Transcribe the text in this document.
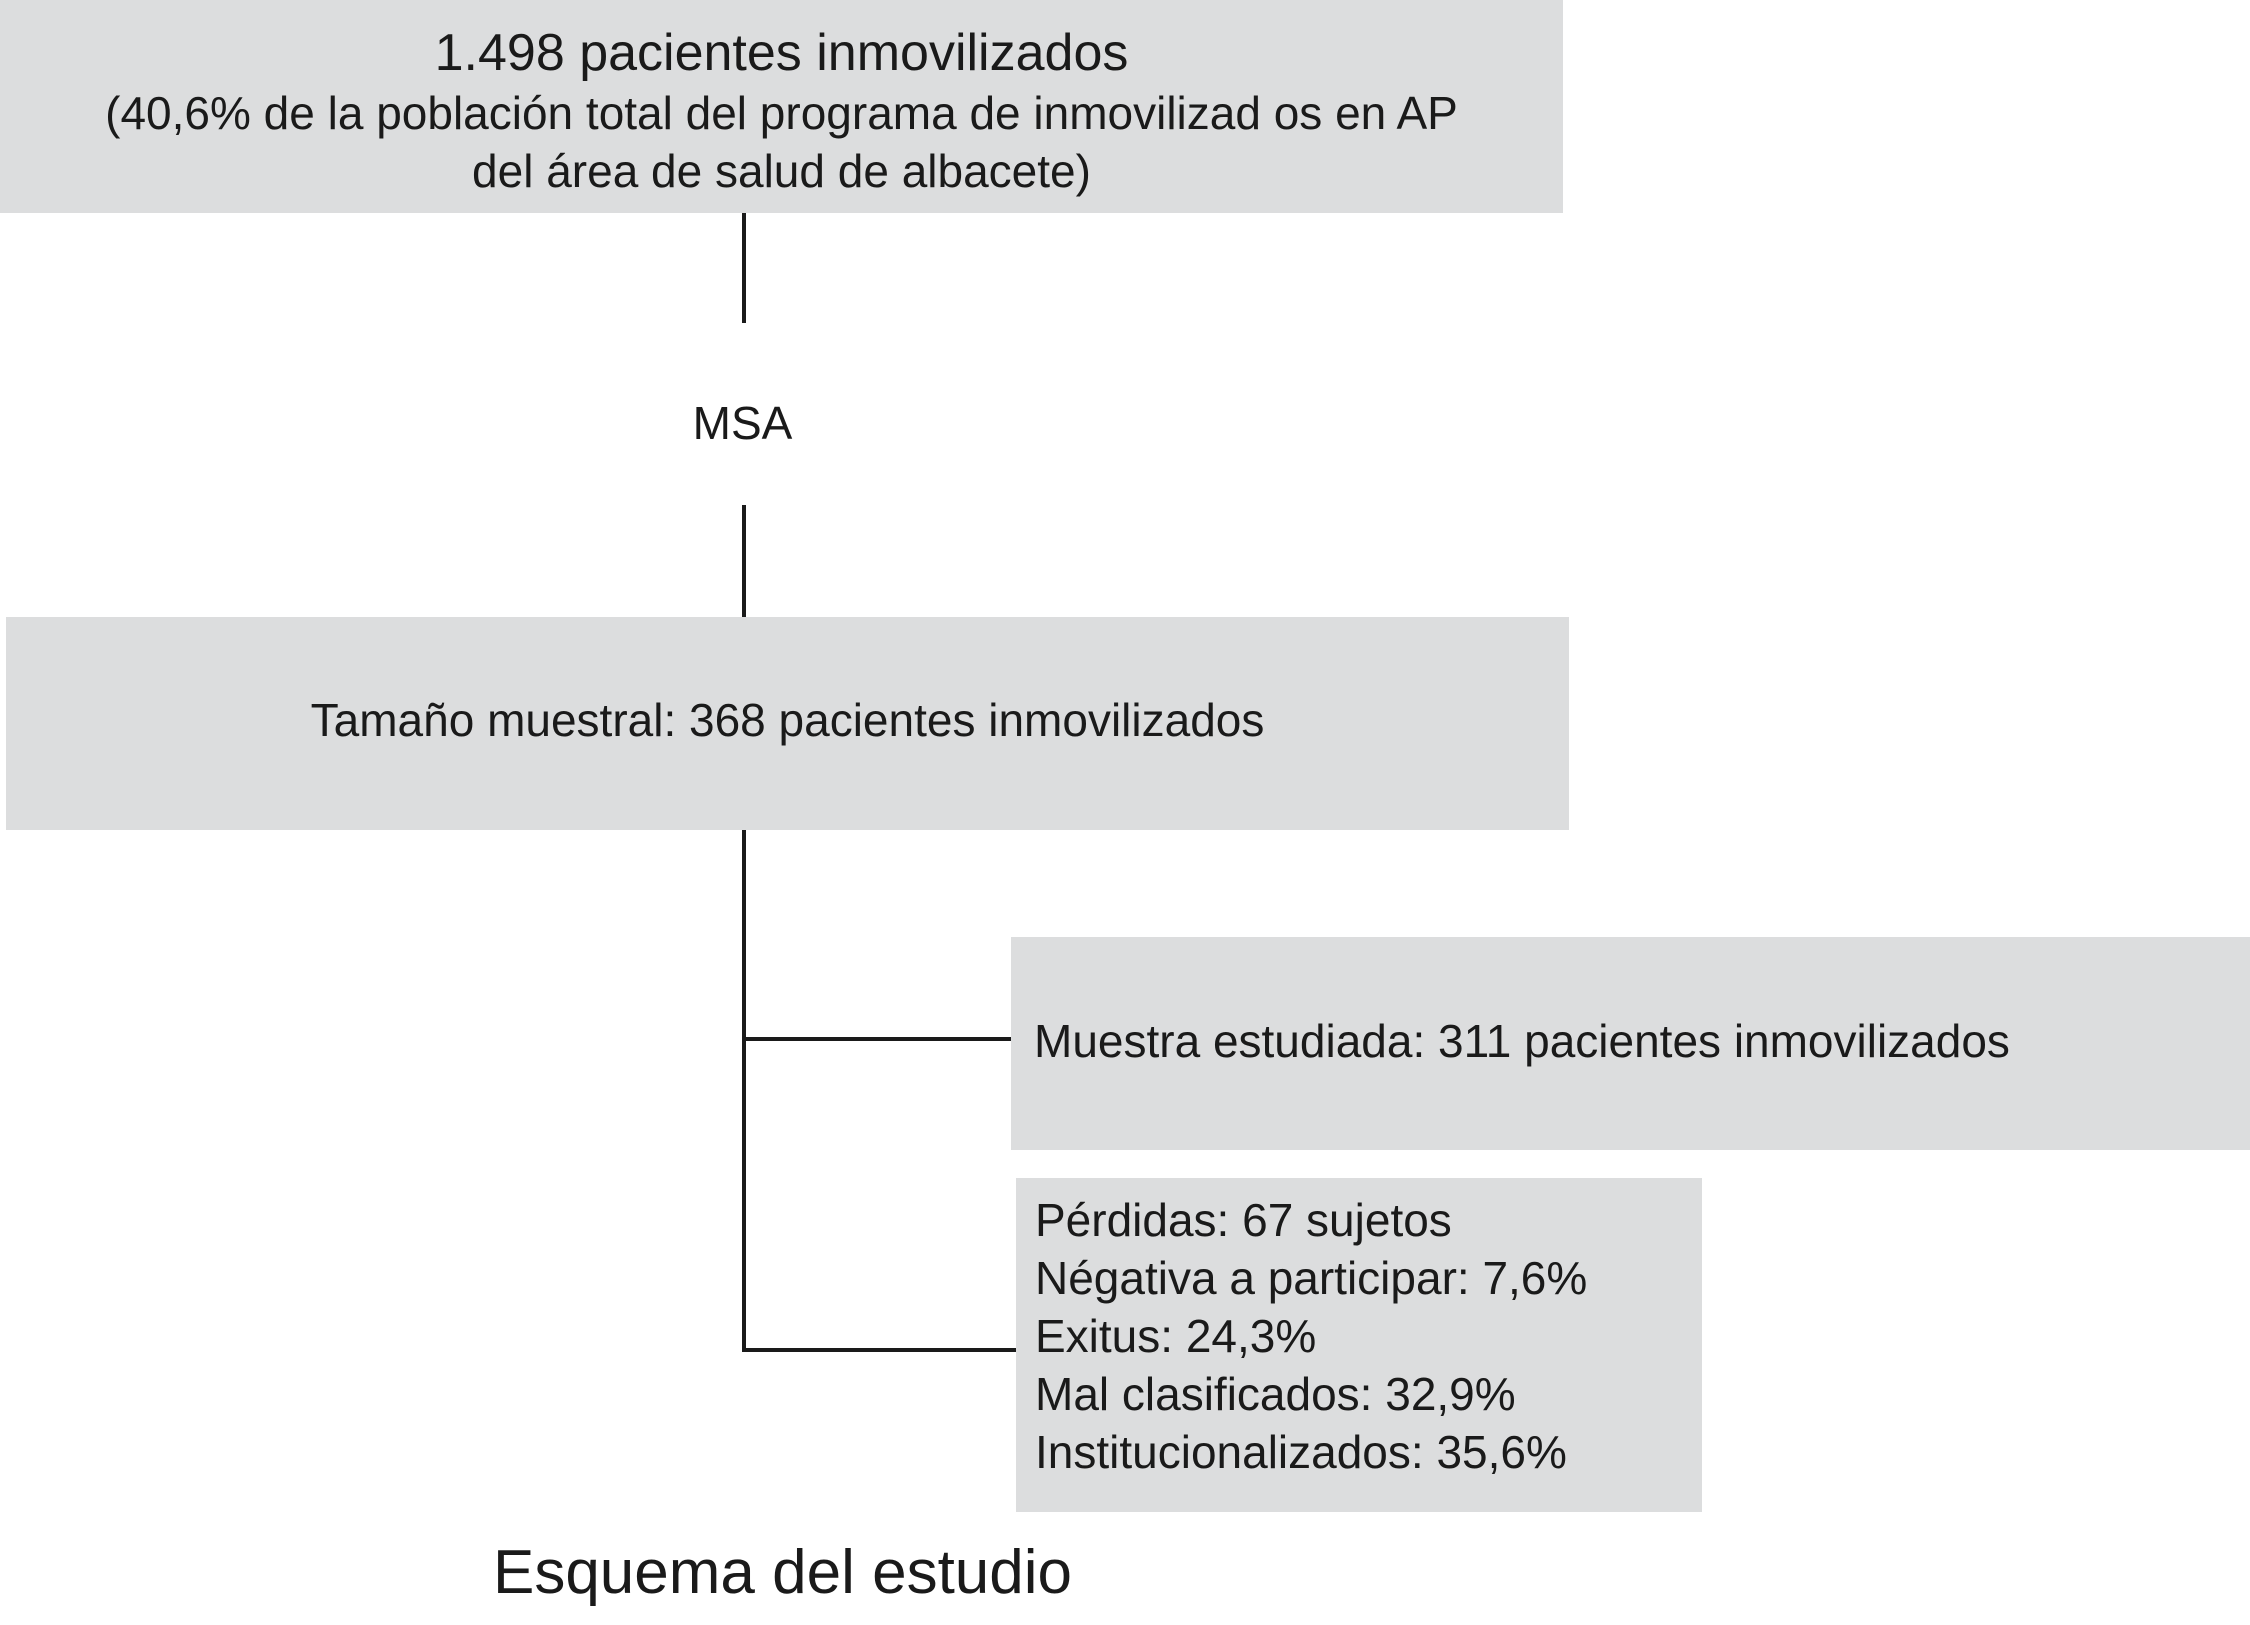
1.498 pacientes inmovilizados
(40,6% de la población total del programa de inmovilizad os en AP
del área de salud de albacete)
MSA
Tamaño muestral: 368 pacientes inmovilizados
Muestra estudiada: 311 pacientes inmovilizados
Pérdidas: 67 sujetos
Négativa a participar: 7,6%
Exitus: 24,3%
Mal clasificados: 32,9%
Institucionalizados: 35,6%
Esquema del estudio
